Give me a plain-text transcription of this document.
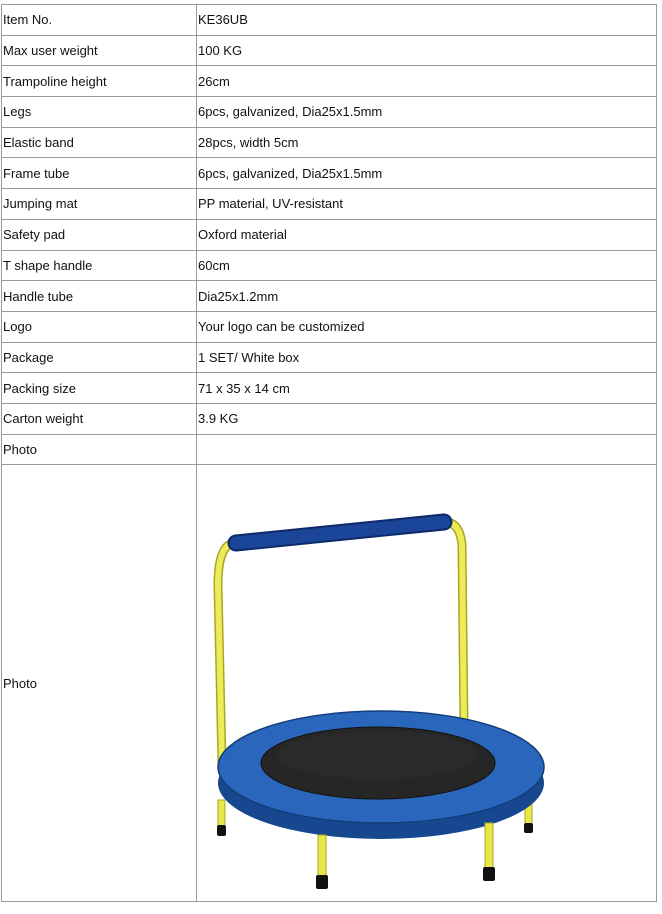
Item No.	KE36UB
Max user weight	100 KG
Trampoline height	26cm
Legs	6pcs, galvanized, Dia25x1.5mm
Elastic band	28pcs, width 5cm
Frame tube	6pcs, galvanized, Dia25x1.5mm
Jumping mat	PP material, UV-resistant
Safety pad	Oxford material
T shape handle	60cm
Handle tube	Dia25x1.2mm
Logo	Your logo can be customized
Package	1 SET/ White box
Packing size	71 x 35 x 14 cm
Carton weight	3.9 KG
Photo	
Photo	
